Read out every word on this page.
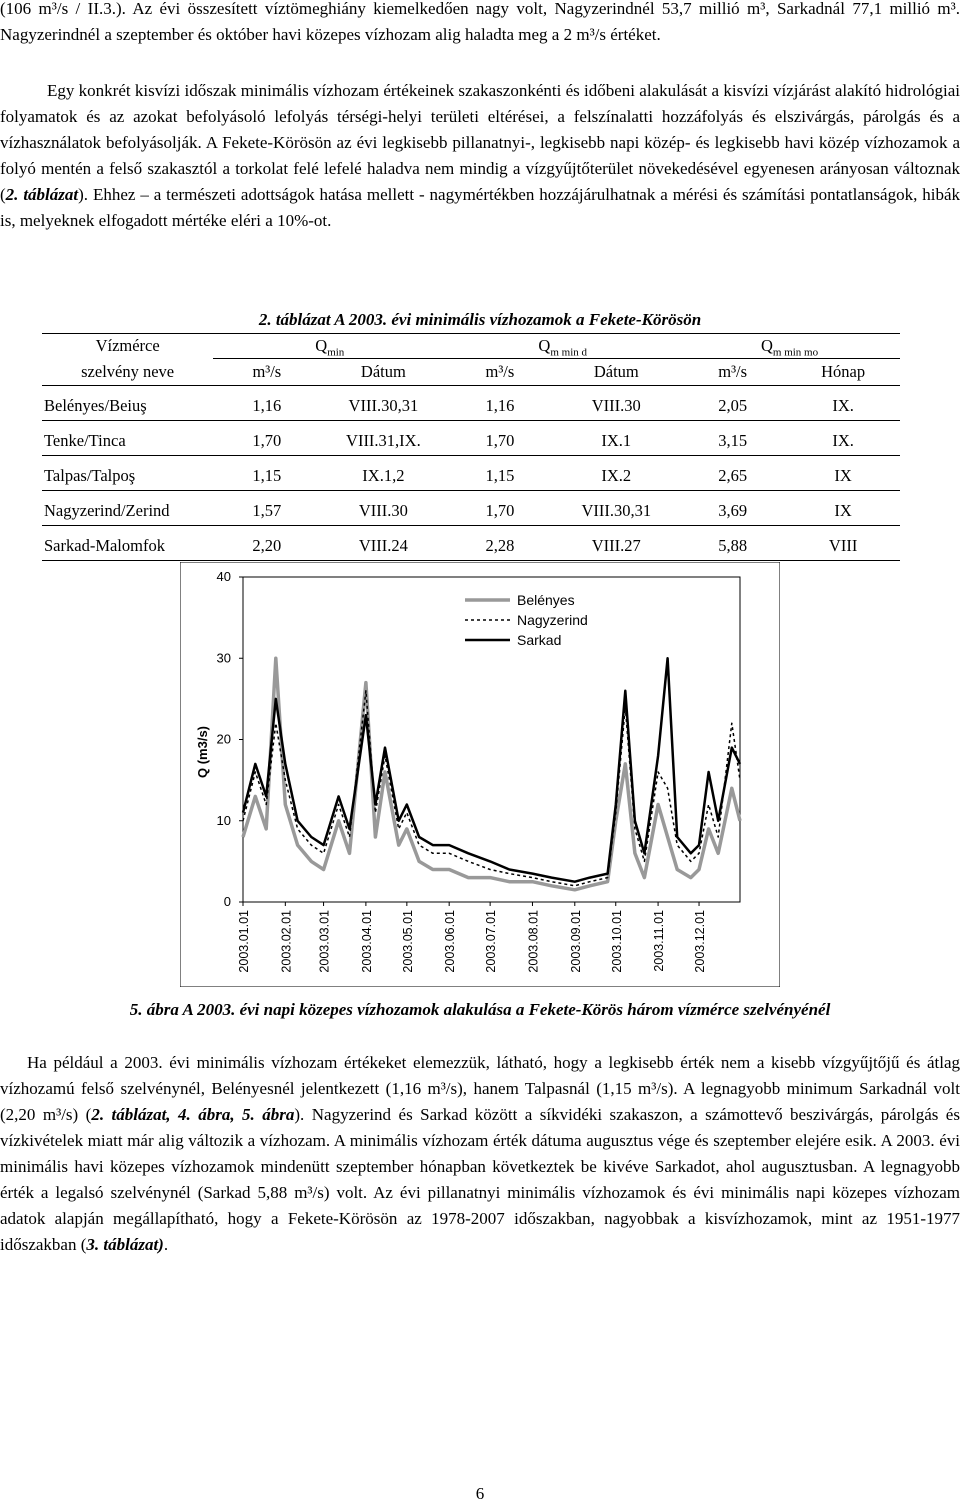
(106 m³/s / II.3.). Az évi összesített víztömeghiány kiemelkedően nagy volt, Nagyzerindnél 53,7 millió m³, Sarkadnál 77,1 millió m³. Nagyzerindnél a szeptember és október havi közepes vízhozam alig haladta meg a 2 m³/s értéket.

Egy konkrét kisvízi időszak minimális vízhozam értékeinek szakaszonkénti és időbeni alakulását a kisvízi vízjárást alakító hidrológiai folyamatok és az azokat befolyásoló lefolyás térségi-helyi területi eltérései, a felszínalatti hozzáfolyás és elszivárgás, párolgás és a vízhasználatok befolyásolják. A Fekete-Körösön az évi legkisebb pillanatnyi-, legkisebb napi közép- és legkisebb havi közép vízhozamok a folyó mentén a felső szakasztól a torkolat felé lefelé haladva nem mindig a vízgyűjtőterület növekedésével egyenesen arányosan változnak (2. táblázat). Ehhez – a természeti adottságok hatása mellett - nagymértékben hozzájárulhatnak a mérési és számítási pontatlanságok, hibák is, melyeknek elfogadott mértéke eléri a 10%-ot.

2. táblázat A 2003. évi minimális vízhozamok a Fekete-Körösön
Vízmérce	$Q_{min}$		$Q_{m min d}$		$Q_{m min mo}$
szelvény neve	m³/s	Dátum	m³/s	Dátum	m³/s	Hónap

Belényes/Beiuş	1,16	VIII.30,31	1,16	VIII.30	2,05	IX.

Tenke/Tinca	1,70	VIII.31,IX.	1,70	IX.1	3,15	IX.

Talpas/Talpoş	1,15	IX.1,2	1,15	IX.2	2,65	IX

Nagyzerind/Zerind	1,57	VIII.30	1,70	VIII.30,31	3,69	IX

Sarkad-Malomfok	2,20	VIII.24	2,28	VIII.27	5,88	VIII
0
10
20
30
40
2003.01.01 2003.02.01 2003.03.01 2003.04.01 2003.05.01 2003.06.01 2003.07.01 2003.08.01 2003.09.01 2003.10.01 2003.11.01 2003.12.01
Q (m3/s)
Belényes
Nagyzerind
Sarkad
5. ábra A 2003. évi napi közepes vízhozamok alakulása a Fekete-Körös három vízmérce szelvényénél

Ha például a 2003. évi minimális vízhozam értékeket elemezzük, látható, hogy a legkisebb érték nem a kisebb vízgyűjtőjű és átlag vízhozamú felső szelvénynél, Belényesnél jelentkezett (1,16 m³/s), hanem Talpasnál (1,15 m³/s). A legnagyobb minimum Sarkadnál volt (2,20 m³/s) (2. táblázat, 4. ábra, 5. ábra). Nagyzerind és Sarkad között a síkvidéki szakaszon, a számottevő beszivárgás, párolgás és vízkivételek miatt már alig változik a vízhozam. A minimális vízhozam érték dátuma augusztus vége és szeptember elejére esik. A 2003. évi minimális havi közepes vízhozamok mindenütt szeptember hónapban következtek be kivéve Sarkadot, ahol augusztusban. A legnagyobb érték a legalsó szelvénynél (Sarkad 5,88 m³/s) volt. Az évi pillanatnyi minimális vízhozamok és évi minimális napi közepes vízhozam adatok alapján megállapítható, hogy a Fekete-Körösön az 1978-2007 időszakban, nagyobbak a kisvízhozamok, mint az 1951-1977 időszakban (3. táblázat).

6
